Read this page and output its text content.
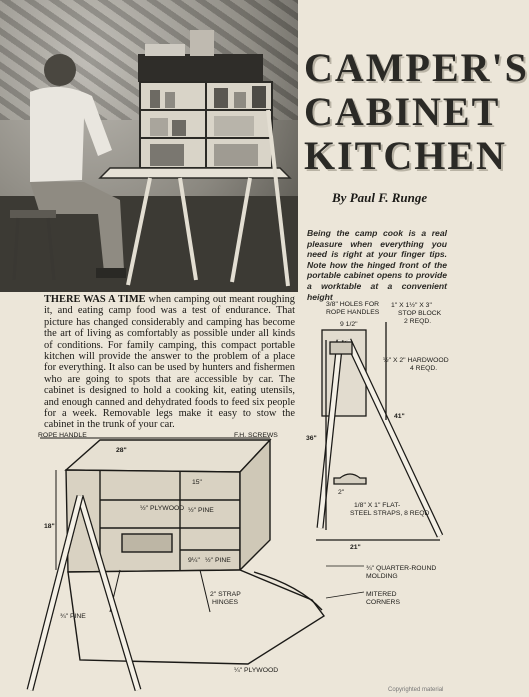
CAMPER'S
CABINET
KITCHEN
By Paul F. Runge
Being the camp cook is a real pleasure when everything you need is right at your finger tips. Note how the hinged front of the portable cabinet opens to provide a worktable at a convenient height
THERE WAS A TIME when camping out meant roughing it, and eating camp food was a test of endurance. That picture has changed considerably and camping has become the art of living as comfortably as possible under all kinds of conditions. For family camping, this compact portable kitchen will provide the answer to the problem of a place for everything. It also can be used by hunters and fishermen who are going to spots that are accessible by car. The cabinet is designed to hold a cooking kit, eating utensils, and enough canned and dehydrated foods to feed six people for a week. Removable legs make it easy to stow the cabinet in the trunk of your car.
3/8" HOLES FOR
ROPE HANDLES
1" X 1½" X 3"
STOP BLOCK
2 REQD.
9 1/2"
½" X 2" HARDWOOD
4 REQD.
41"
36"
2"
1/8" X 1" FLAT-
STEEL STRAPS, 8 REQD
21"
ROPE HANDLE	F.H. SCREWS
28"
15"
18"
½" PLYWOOD ½" PINE
9¼" ½" PINE
2" STRAP
HINGES
¾" PINE
¼" PLYWOOD
¾" QUARTER-ROUND
MOLDING
MITERED
CORNERS
Copyrighted material
